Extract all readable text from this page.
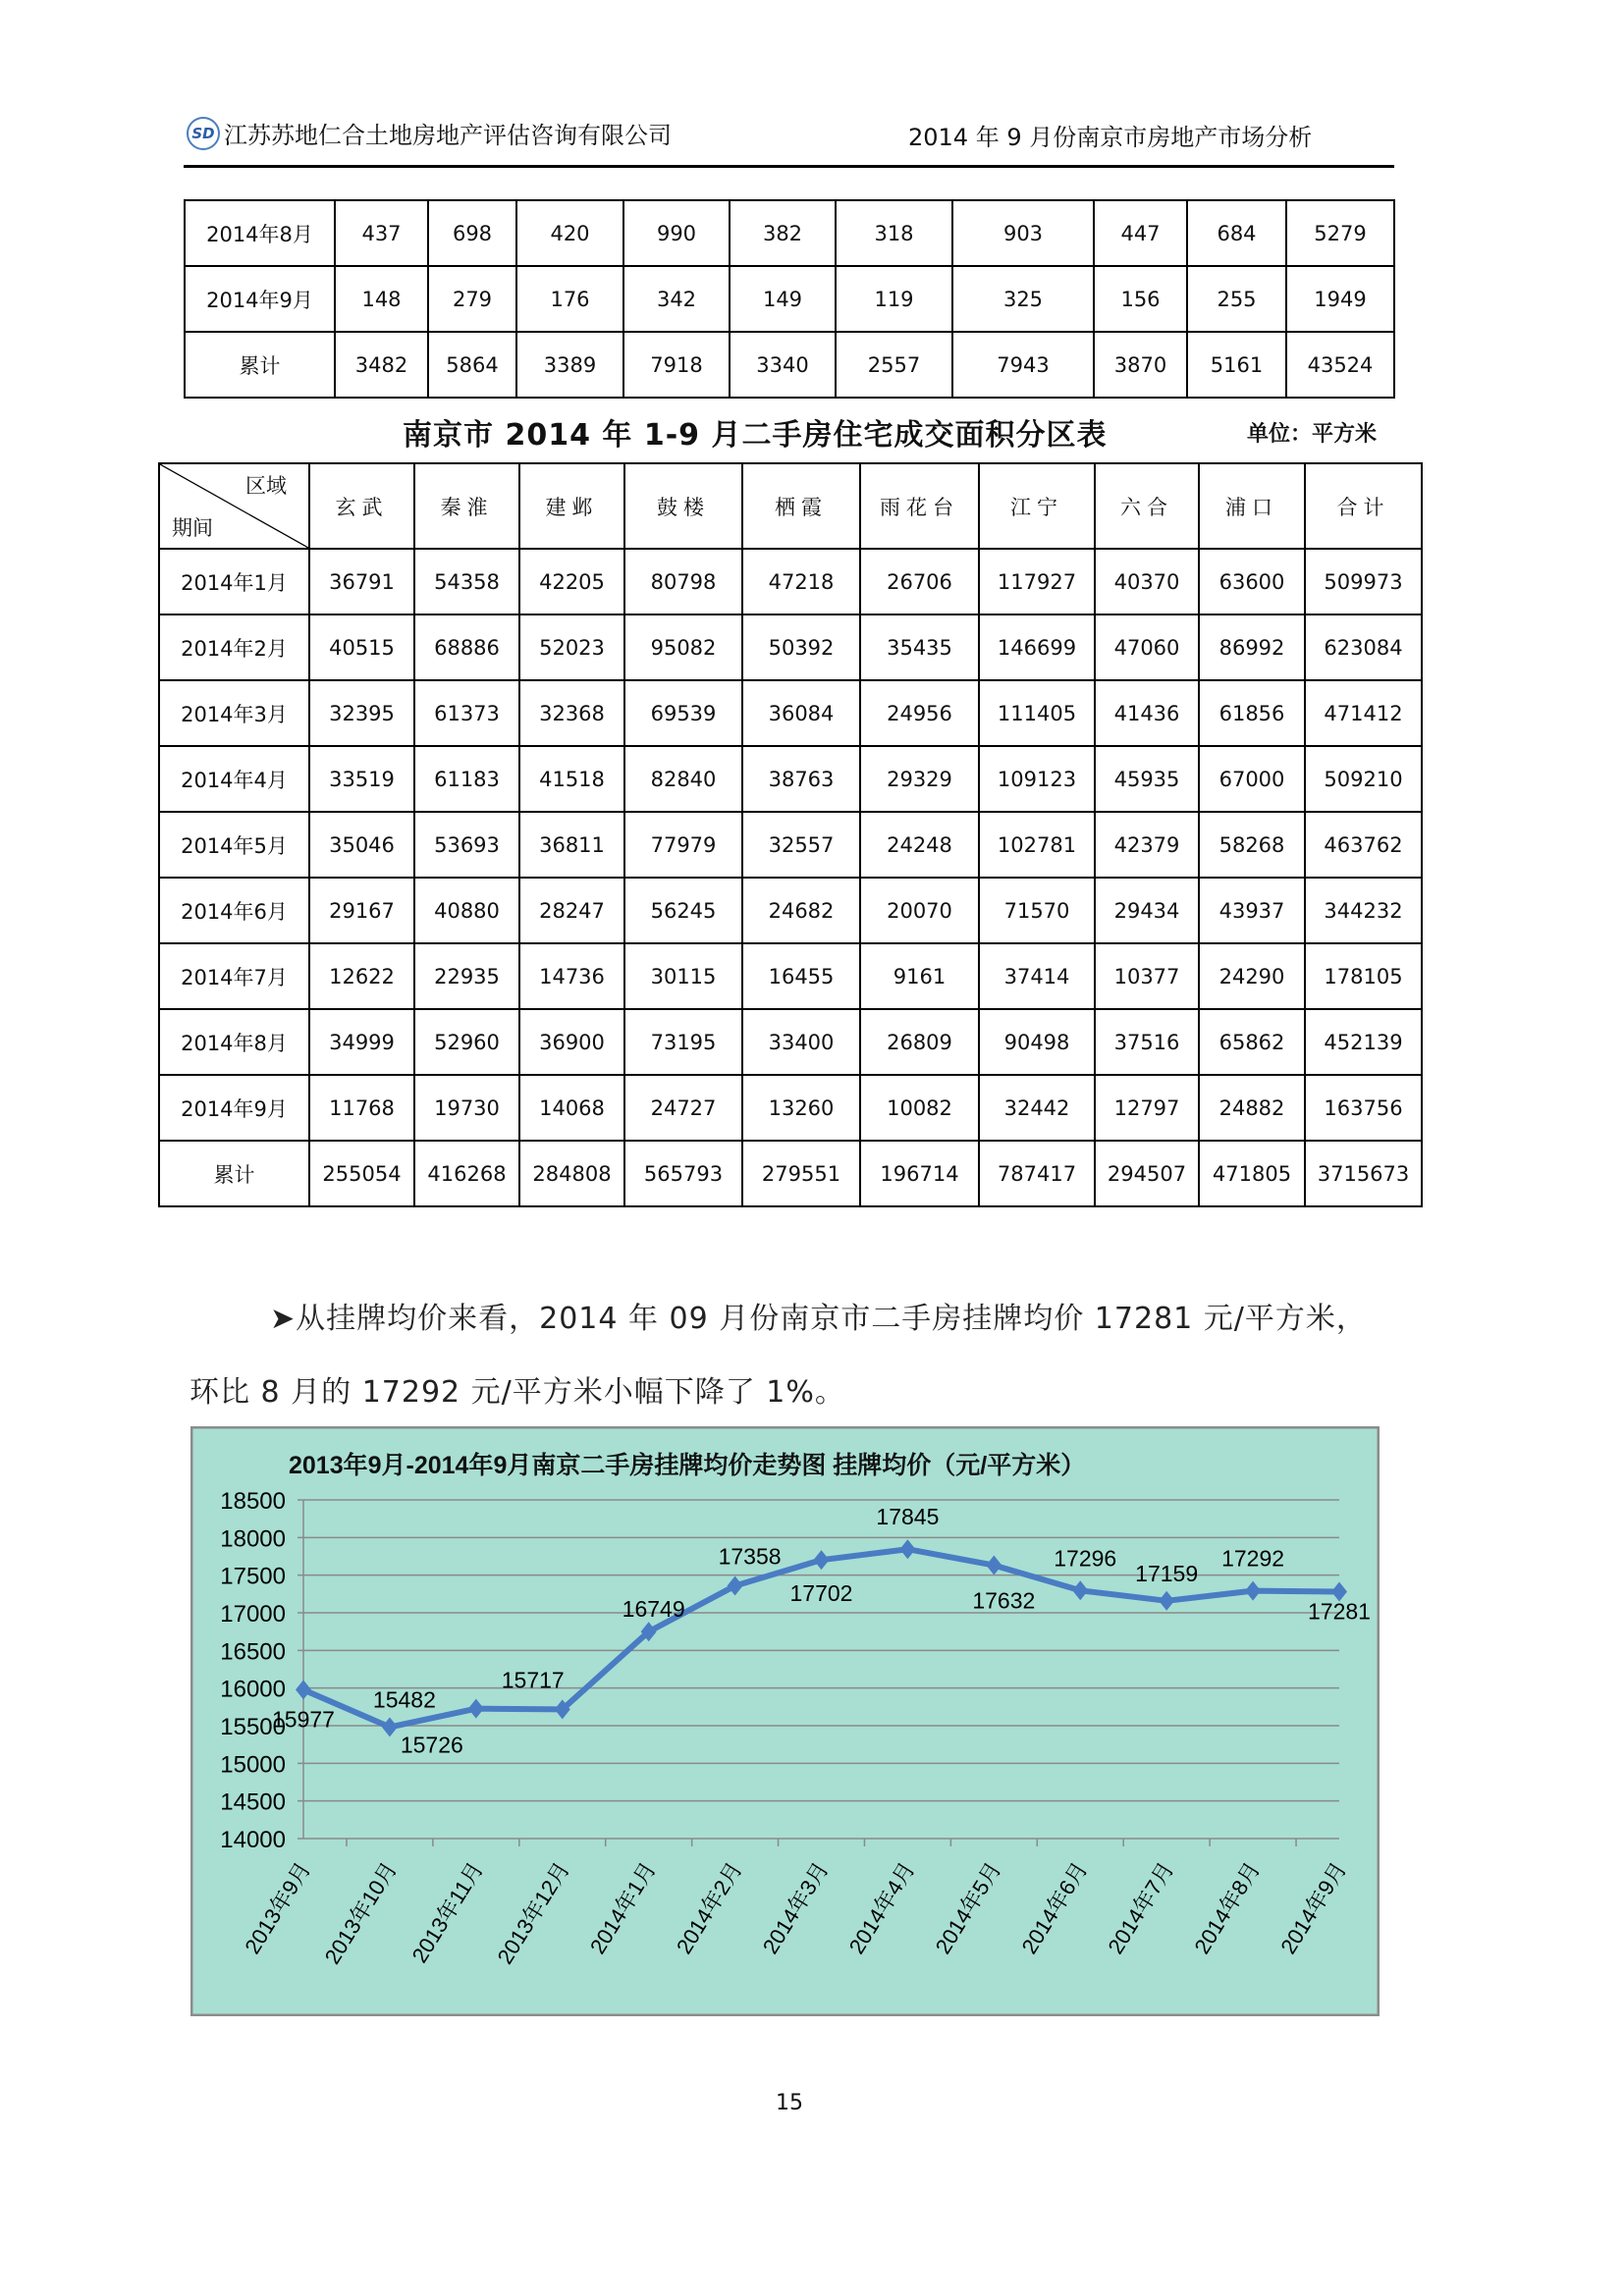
SD 江苏苏地仁合土地房地产评估咨询有限公司	2014 年 9 月份南京市房地产市场分析
2014年8月	437	698	420	990	382	318	903	447	684	5279
2014年9月	148	279	176	342	149	119	325	156	255	1949
累计	3482	5864	3389	7918	3340	2557	7943	3870	5161	43524
南京市 2014 年 1-9 月二手房住宅成交面积分区表	单位：平方米
区域
期间	玄武	秦淮	建邺	鼓楼	栖霞	雨花台	江宁	六合	浦口	合计
2014年1月	36791	54358	42205	80798	47218	26706	117927	40370	63600	509973
2014年2月	40515	68886	52023	95082	50392	35435	146699	47060	86992	623084
2014年3月	32395	61373	32368	69539	36084	24956	111405	41436	61856	471412
2014年4月	33519	61183	41518	82840	38763	29329	109123	45935	67000	509210
2014年5月	35046	53693	36811	77979	32557	24248	102781	42379	58268	463762
2014年6月	29167	40880	28247	56245	24682	20070	71570	29434	43937	344232
2014年7月	12622	22935	14736	30115	16455	9161	37414	10377	24290	178105
2014年8月	34999	52960	36900	73195	33400	26809	90498	37516	65862	452139
2014年9月	11768	19730	14068	24727	13260	10082	32442	12797	24882	163756
累计	255054	416268	284808	565793	279551	196714	787417	294507	471805	3715673
➤从挂牌均价来看，2014 年 09 月份南京市二手房挂牌均价 17281 元/平方米，
环比 8 月的 17292 元/平方米小幅下降了 1%。
2013年9月-2014年9月南京二手房挂牌均价走势图 挂牌均价（元/平方米）
14000
14500
15000
15500
16000
16500
17000
17500
18000
18500
15977
15482
15726
15717
16749
17358
17702
17845
17632
17296
17159
17292
17281
2013年9月 2013年10月 2013年11月 2013年12月 2014年1月 2014年2月 2014年3月 2014年4月 2014年5月 2014年6月 2014年7月 2014年8月 2014年9月
15
